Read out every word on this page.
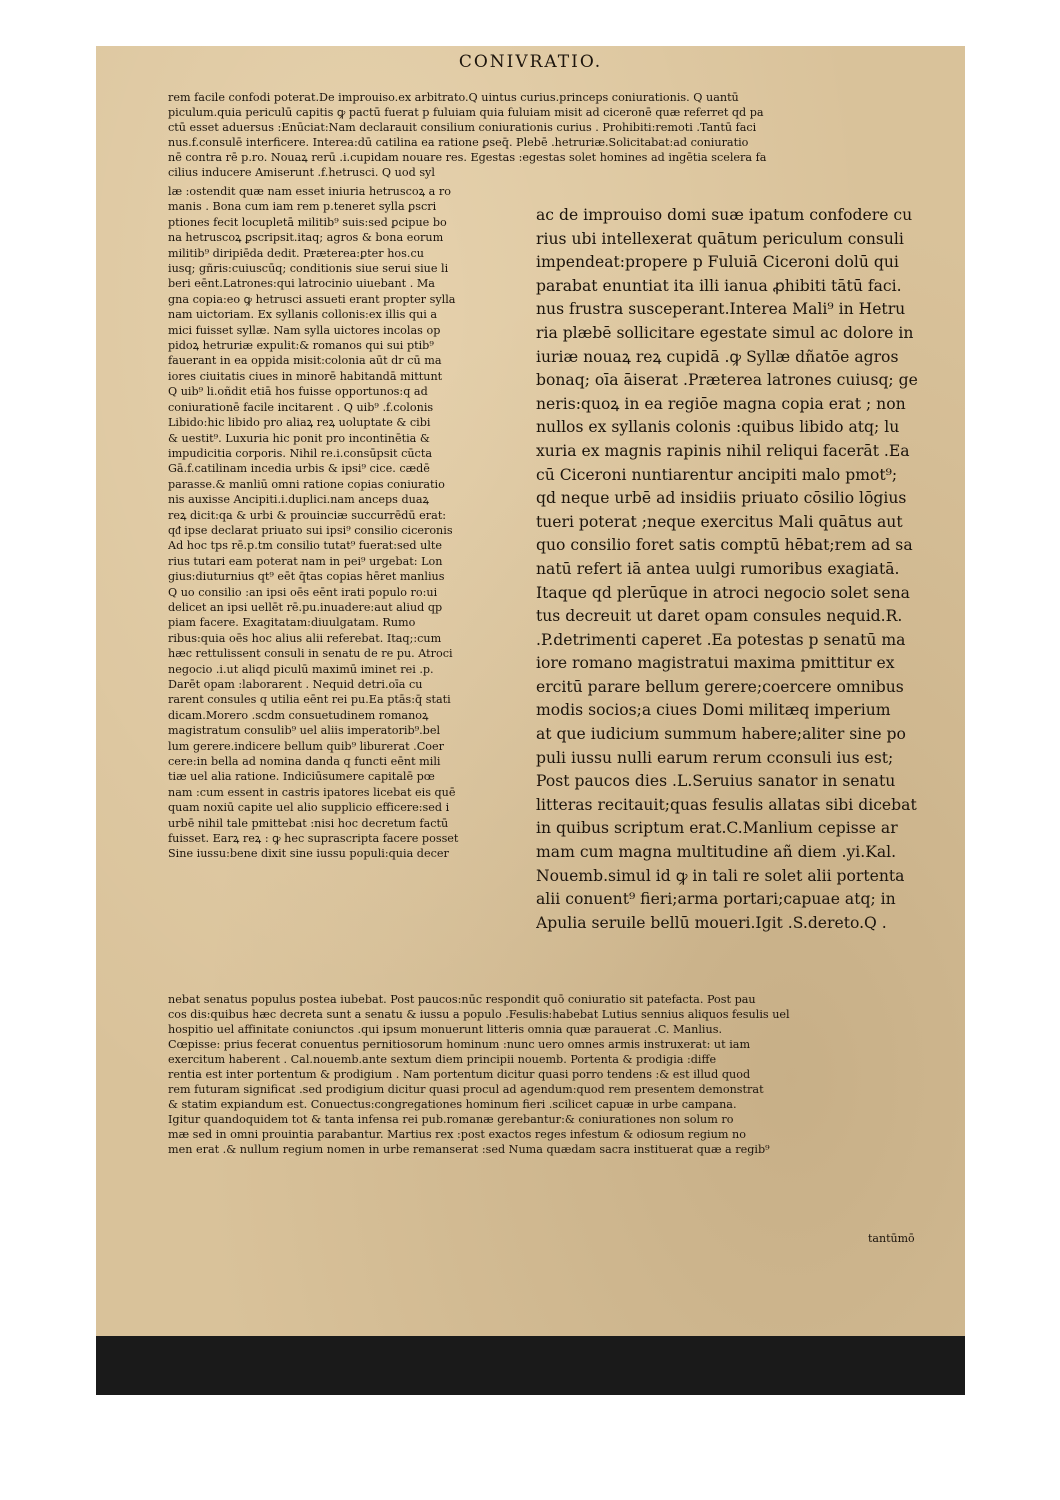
CONIVRATIO.

rem facile confodi poterat.De improuiso.ex arbitrato.Q uintus curius.princeps coniurationis. Q uantū

piculum.quia periculū capitis ꝙ pactū fuerat p fuluiam quia fuluiam misit ad ciceronē quæ referret qd pa

ctū esset aduersus :Enūciat:Nam declarauit consilium coniurationis curius . Prohibiti:remoti .Tantū faci

nus.f.consulē interficere. Interea:dū catilina ea ratione ꝑseq̄. Plebē .hetruriæ.Solicitabat:ad coniuratio

nē contra rē p.ro. Nouaꝝ rerū .i.cupidam nouare res. Egestas :egestas solet homines ad ingētia scelera fa

cilius inducere Amiserunt .f.hetrusci. Q uod syl

læ :ostendit quæ nam esset iniuria hetruscoꝝ a ro

manis . Bona cum iam rem p.teneret sylla ꝑscri

ptiones fecit locupletā militib⁹ suis:sed ꝑcipue bo

na hetruscoꝝ ꝑscripsit.itaq; agros & bona eorum

militib⁹ diripiēda dedit. Præterea:ꝑter hos.cu

iusq; gñris:cuiuscūq; conditionis siue serui siue li

beri eēnt.Latrones:qui latrocinio uiuebant . Ma

gna copia:eo ꝙ hetrusci assueti erant propter sylla

nam uictoriam. Ex syllanis collonis:ex illis qui a

mici fuisset syllæ. Nam sylla uictores incolas op

pidoꝝ hetruriæ expulit:& romanos qui sui ptib⁹

fauerant in ea oppida misit:colonia aūt dr cū ma

iores ciuitatis ciues in minorē habitandā mittunt

Q uib⁹ li.oñdit etiā hos fuisse opportunos:q ad

coniurationē facile incitarent . Q uib⁹ .f.colonis

Libido:hic libido pro aliaꝝ reꝝ uoluptate & cibi

& uestit⁹. Luxuria hic ponit pro incontinētia &

impudicitia corporis. Nihil re.i.consūpsit cūcta

Gā.f.catilinam incedia urbis & ipsi⁹ cice. cædē

parasse.& manliū omni ratione copias coniuratio

nis auxisse Ancipiti.i.duplici.nam anceps duaꝝ

reꝝ dicit:qa & urbi & prouinciæ succurrēdū erat:

qᵭ ipse declarat priuato sui ipsi⁹ consilio ciceronis

Ad hoc tps rē.p.tm consilio tutat⁹ fuerat:sed ulte

rius tutari eam poterat nam in pei⁹ urgebat: Lon

gius:diuturnius qt⁹ eēt q̄tas copias hēret manlius

Q uo consilio :an ipsi oēs eēnt irati populo ro:ui

delicet an ipsi uellēt rē.pu.inuadere:aut aliud qp

piam facere. Exagitatam:diuulgatam. Rumo

ribus:quia oēs hoc alius alii referebat. Itaq;:cum

hæc rettulissent consuli in senatu de re pu. Atroci

negocio .i.ut aliqd piculū maximū iminet rei .p.

Darēt opam :laborarent . Nequid detri.oīa cu

rarent consules q utilia eēnt rei pu.Ea ptās:q̄ stati

dicam.Morero .scdm consuetudinem romanoꝝ

magistratum consulib⁹ uel aliis imperatorib⁹.bel

lum gerere.indicere bellum quib⁹ liburerat .Coer

cere:in bella ad nomina danda q functi eēnt mili

tiæ uel alia ratione. Indiciūsumere capitalē pœ

nam :cum essent in castris ipatores licebat eis quē

quam noxiū capite uel alio supplicio efficere:sed i

urbē nihil tale pmittebat :nisi hoc decretum factū

fuisset. Earꝝ reꝝ : ꝙ hec suprascripta facere posset

Sine iussu:bene dixit sine iussu populi:quia decer

ac de improuiso domi suæ ipatum confodere cu

rius ubi intellexerat quātum periculum consuli

impendeat:propere p Fuluiā Ciceroni dolū qui

parabat enuntiat ita illi ianua ꝓhibiti tātū faci.

nus frustra susceperant.Interea Mali⁹ in Hetru

ria plæbē sollicitare egestate simul ac dolore in

iuriæ nouaꝝ reꝝ cupidā .ꝙ Syllæ dñatōe agros

bonaq; oīa āiserat .Præterea latrones cuiusq; ge

neris:quoꝝ in ea regiōe magna copia erat ; non

nullos ex syllanis colonis :quibus libido atq; lu

xuria ex magnis rapinis nihil reliqui facerāt .Ea

cū Ciceroni nuntiarentur ancipiti malo pmot⁹;

qd neque urbē ad insidiis priuato cōsilio lōgius

tueri poterat ;neque exercitus Mali quātus aut

quo consilio foret satis comptū hēbat;rem ad sa

natū refert iā antea uulgi rumoribus exagiatā.

Itaque qd plerūque in atroci negocio solet sena

tus decreuit ut daret opam consules nequid.R.

.P.detrimenti caperet .Ea potestas p senatū ma

iore romano magistratui maxima pmittitur ex

ercitū parare bellum gerere;coercere omnibus

modis socios;a ciues Domi militæq imperium

at que iudicium summum habere;aliter sine po

puli iussu nulli earum rerum cconsuli ius est;

Post paucos dies .L.Seruius sanator in senatu

litteras recitauit;quas fesulis allatas sibi dicebat

in quibus scriptum erat.C.Manlium cepisse ar

mam cum magna multitudine añ diem .yi.Kal.

Nouemb.simul id ꝙ in tali re solet alii portenta

alii conuent⁹ fieri;arma portari;capuae atq; in

Apulia seruile bellū moueri.Igit .S.dereto.Q .

nebat senatus populus postea iubebat. Post paucos:nūc respondit quō coniuratio sit patefacta. Post pau

cos dis:quibus hæc decreta sunt a senatu & iussu a populo .Fesulis:habebat Lutius sennius aliquos fesulis uel

hospitio uel affinitate coniunctos .qui ipsum monuerunt litteris omnia quæ parauerat .C. Manlius.

Cœpisse: prius fecerat conuentus pernitiosorum hominum :nunc uero omnes armis instruxerat: ut iam

exercitum haberent . Cal.nouemb.ante sextum diem principii nouemb. Portenta & prodigia :diffe

rentia est inter portentum & prodigium . Nam portentum dicitur quasi porro tendens :& est illud quod

rem futuram significat .sed prodigium dicitur quasi procul ad agendum:quod rem presentem demonstrat

& statim expiandum est. Conuectus:congregationes hominum fieri .scilicet capuæ in urbe campana.

Igitur quandoquidem tot & tanta infensa rei pub.romanæ gerebantur:& coniurationes non solum ro

mæ sed in omni prouintia parabantur. Martius rex :post exactos reges infestum & odiosum regium no

men erat .& nullum regium nomen in urbe remanserat :sed Numa quædam sacra instituerat quæ a regib⁹

tantūmō
